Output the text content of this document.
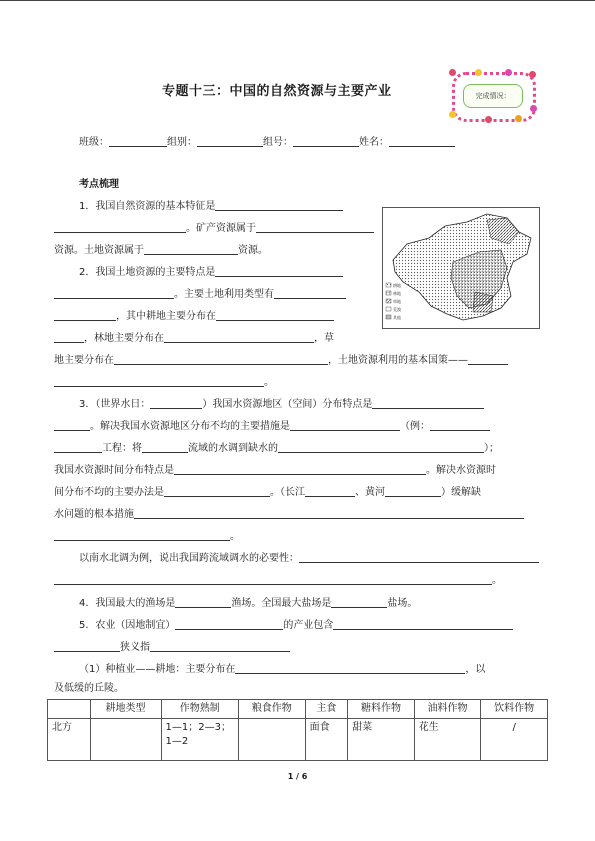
专题十三：中国的自然资源与主要产业	完成情况：
班级：	组别：	组号：	姓名：
考点梳理
1．我国自然资源的基本特征是
。矿产资源属于
资源。土地资源属于	资源。
2．我国土地资源的主要特点是
。主要土地利用类型有
，其中耕地主要分布在
，林地主要分布在	，草
地主要分布在	，土地资源利用的基本国策——
。
耕地
林地
草地
荒漠
其他
3．（世界水日：	）我国水资源地区（空间）分布特点是
。解决我国水资源地区分布不均的主要措施是	（例：
工程：将	流域的水调到缺水的	）；
我国水资源时间分布特点是	。解决水资源时
间分布不均的主要办法是	。（长江	、黄河	）缓解缺
水问题的根本措施
。
以南水北调为例，说出我国跨流域调水的必要性：
。
4．我国最大的渔场是	渔场。全国最大盐场是	盐场。
5．农业（因地制宜）	的产业包含
狭义指
（1）种植业——耕地：主要分布在	，以
及低缓的丘陵。
	耕地类型	作物熟制	粮食作物	主食	糖料作物	油料作物	饮料作物
北方		1—1；2—3；
1—2		面食	甜菜	花生	/
1 / 6
